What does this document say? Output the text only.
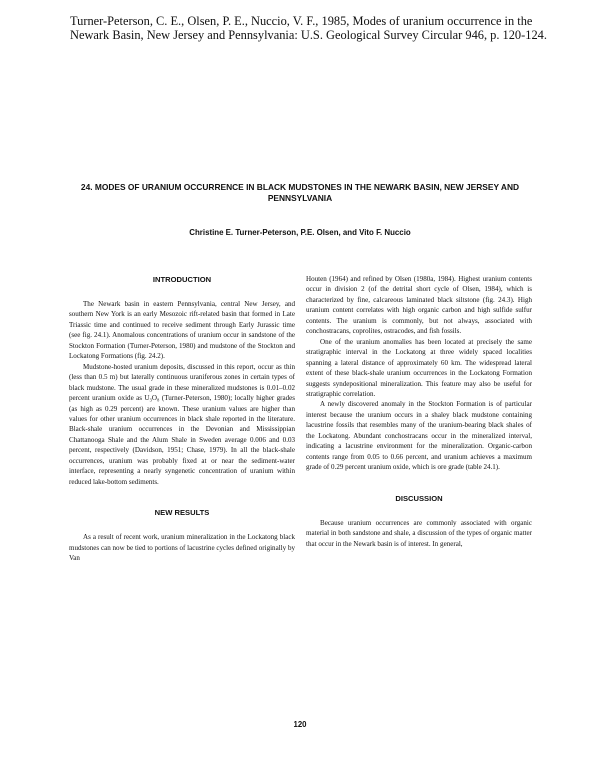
Turner-Peterson, C. E., Olsen, P. E., Nuccio, V. F., 1985, Modes of uranium occurrence in the Newark Basin, New Jersey and Pennsylvania: U.S. Geological Survey Circular 946, p. 120-124.
24. MODES OF URANIUM OCCURRENCE IN BLACK MUDSTONES IN THE NEWARK BASIN, NEW JERSEY AND PENNSYLVANIA
Christine E. Turner-Peterson, P.E. Olsen, and Vito F. Nuccio
INTRODUCTION

The Newark basin in eastern Pennsylvania, central New Jersey, and southern New York is an early Mesozoic rift-related basin that formed in Late Triassic time and continued to receive sediment through Early Jurassic time (see fig. 24.1). Anomalous concentrations of uranium occur in sandstone of the Stockton Formation (Turner-Peterson, 1980) and mudstone of the Stockton and Lockatong Formations (fig. 24.2).

Mudstone-hosted uranium deposits, discussed in this report, occur as thin (less than 0.5 m) but laterally continuous uraniferous zones in certain types of black mudstone. The usual grade in these mineralized mudstones is 0.01–0.02 percent uranium oxide as U₃O₈ (Turner-Peterson, 1980); locally higher grades (as high as 0.29 percent) are known. These uranium values are higher than values for other uranium occurrences in black shale reported in the literature. Black-shale uranium occurrences in the Devonian and Mississippian Chattanooga Shale and the Alum Shale in Sweden average 0.006 and 0.03 percent, respectively (Davidson, 1951; Chase, 1979). In all the black-shale occurrences, uranium was probably fixed at or near the sediment-water interface, representing a nearly syngenetic concentration of uranium within reduced lake-bottom sediments.

NEW RESULTS

As a result of recent work, uranium mineralization in the Lockatong black mudstones can now be tied to portions of lacustrine cycles defined originally by Van

Houten (1964) and refined by Olsen (1980a, 1984). Highest uranium contents occur in division 2 (of the detrital short cycle of Olsen, 1984), which is characterized by fine, calcareous laminated black siltstone (fig. 24.3). High uranium content correlates with high organic carbon and high sulfide sulfur contents. The uranium is commonly, but not always, associated with conchostracans, coprolites, ostracodes, and fish fossils.

One of the uranium anomalies has been located at precisely the same stratigraphic interval in the Lockatong at three widely spaced localities spanning a lateral distance of approximately 60 km. The widespread lateral extent of these black-shale uranium occurrences in the Lockatong Formation suggests syndepositional mineralization. This feature may also be useful for stratigraphic correlation.

A newly discovered anomaly in the Stockton Formation is of particular interest because the uranium occurs in a shaley black mudstone containing lacustrine fossils that resembles many of the uranium-bearing black shales of the Lockatong. Abundant conchostracans occur in the mineralized interval, indicating a lacustrine environment for the mineralization. Organic-carbon contents range from 0.05 to 0.66 percent, and uranium achieves a maximum grade of 0.29 percent uranium oxide, which is ore grade (table 24.1).

DISCUSSION

Because uranium occurrences are commonly associated with organic material in both sandstone and shale, a discussion of the types of organic matter that occur in the Newark basin is of interest. In general,

120
